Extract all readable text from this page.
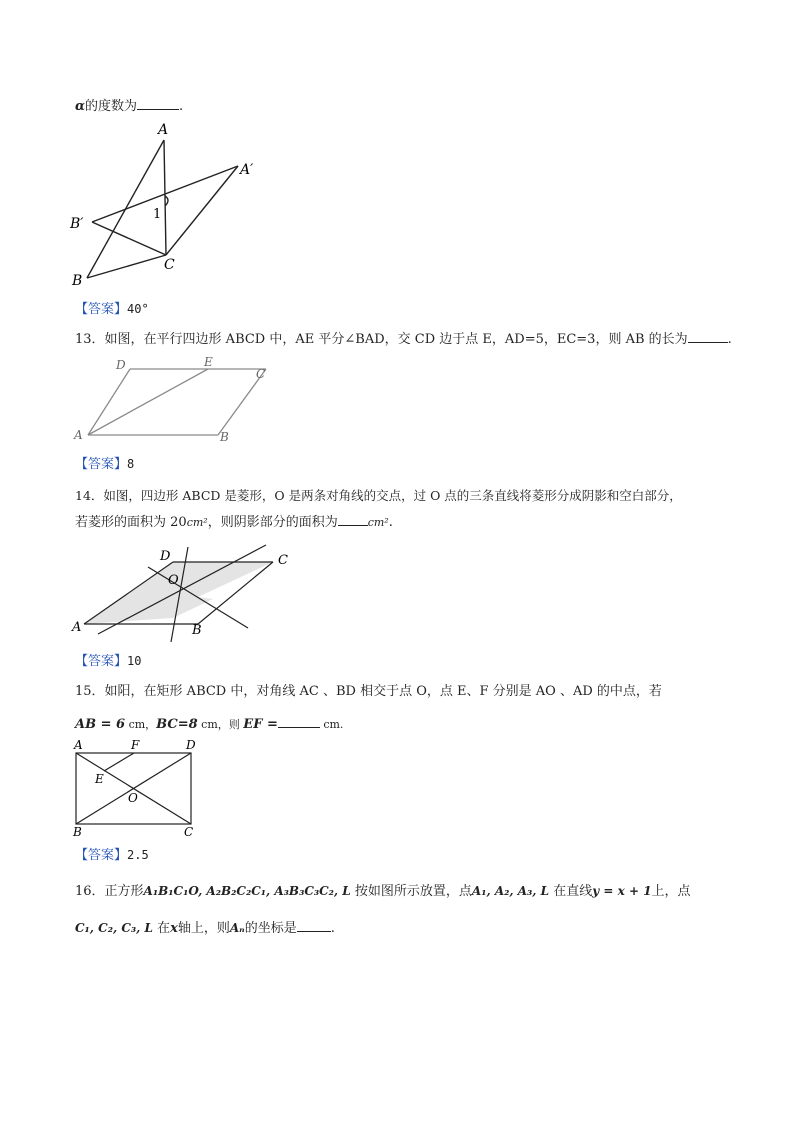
α的度数为	.
A
A′
B′
B
C
1
【答案】40°
13．如图，在平行四边形 ABCD 中，AE 平分∠BAD，交 CD 边于点 E，AD=5，EC=3，则 AB 的长为	.
D	E
C
A	B
【答案】8
14．如图，四边形 ABCD 是菱形，O 是两条对角线的交点，过 O 点的三条直线将菱形分成阴影和空白部分，
若菱形的面积为 20cm²，则阴影部分的面积为	cm².
D	C
O
A	B
【答案】10
15．如阳，在矩形 ABCD 中，对角线 AC 、BD 相交于点 O，点 E、F 分别是 AO 、AD 的中点，若
AB = 6 cm，BC=8 cm，则 EF =	cm.
A	F	D
E
O
B	C
【答案】2.5
16．正方形A₁B₁C₁O, A₂B₂C₂C₁, A₃B₃C₃C₂, L 按如图所示放置，点A₁, A₂, A₃, L 在直线y = x + 1上，点
C₁, C₂, C₃, L 在x轴上，则Aₙ的坐标是	.
